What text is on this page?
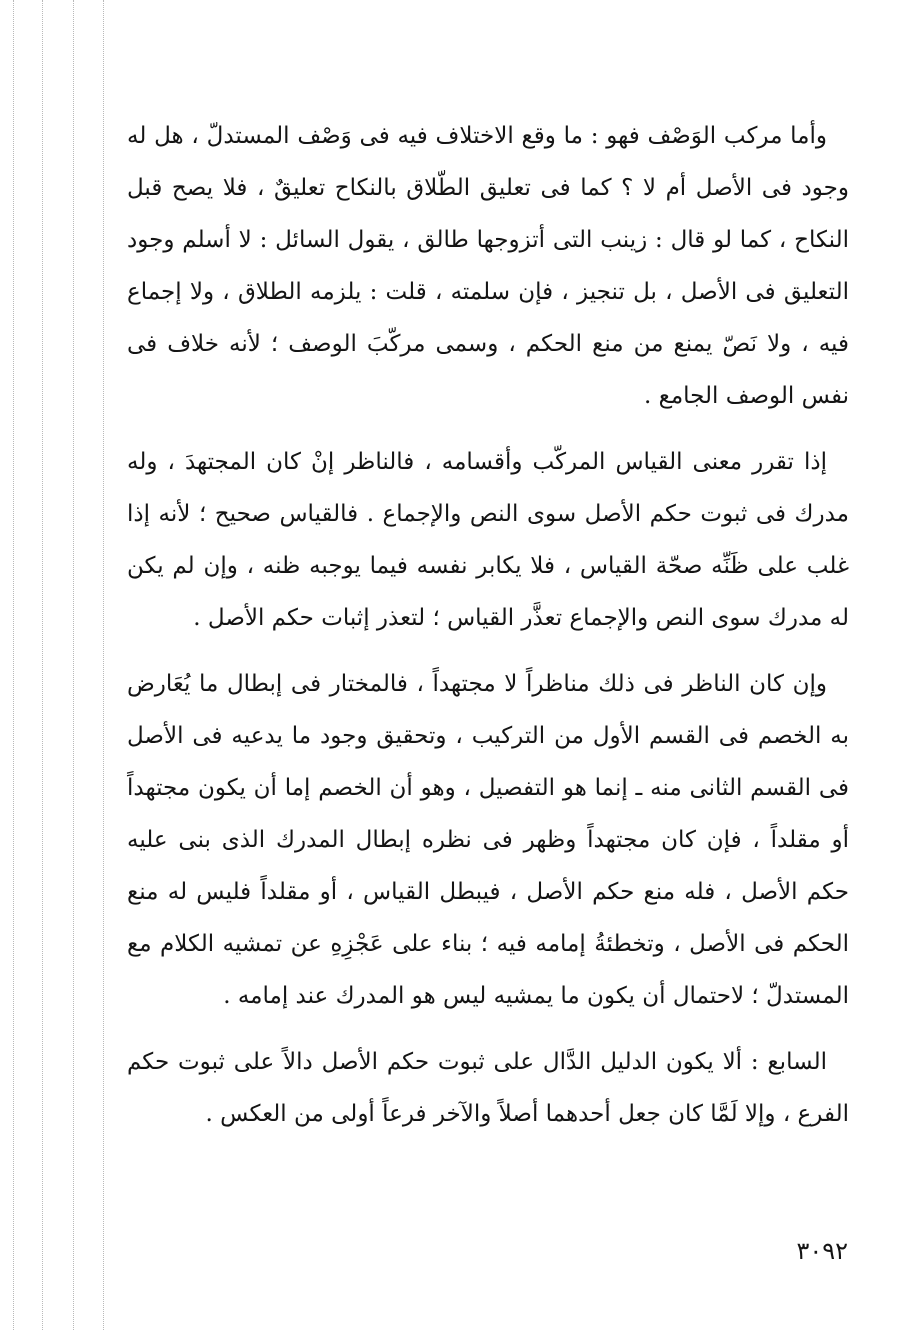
وأما مركب الوَصْف فهو : ما وقع الاختلاف فيه فى وَصْف المستدلّ ، هل له وجود فى الأصل أم لا ؟ كما فى تعليق الطّلاق بالنكاح تعليقٌ ، فلا يصح قبل النكاح ، كما لو قال : زينب التى أتزوجها طالق ، يقول السائل : لا أسلم وجود التعليق فى الأصل ، بل تنجيز ، فإن سلمته ، قلت : يلزمه الطلاق ، ولا إجماع فيه ، ولا نَصّ يمنع من منع الحكم ، وسمى مركّبَ الوصف ؛ لأنه خلاف فى نفس الوصف الجامع .

إذا تقرر معنى القياس المركّب وأقسامه ، فالناظر إنْ كان المجتهدَ ، وله مدرك فى ثبوت حكم الأصل سوى النص والإجماع . فالقياس صحيح ؛ لأنه إذا غلب على ظَنِّه صحّة القياس ، فلا يكابر نفسه فيما يوجبه ظنه ، وإن لم يكن له مدرك سوى النص والإجماع تعذَّر القياس ؛ لتعذر إثبات حكم الأصل .

وإن كان الناظر فى ذلك مناظراً لا مجتهداً ، فالمختار فى إبطال ما يُعَارض به الخصم فى القسم الأول من التركيب ، وتحقيق وجود ما يدعيه فى الأصل فى القسم الثانى منه ـ إنما هو التفصيل ، وهو أن الخصم إما أن يكون مجتهداً أو مقلداً ، فإن كان مجتهداً وظهر فى نظره إبطال المدرك الذى بنى عليه حكم الأصل ، فله منع حكم الأصل ، فيبطل القياس ، أو مقلداً فليس له منع الحكم فى الأصل ، وتخطئةُ إمامه فيه ؛ بناء على عَجْزِهِ عن تمشيه الكلام مع المستدلّ ؛ لاحتمال أن يكون ما يمشيه ليس هو المدرك عند إمامه .

السابع : ألا يكون الدليل الدَّال على ثبوت حكم الأصل دالاً على ثبوت حكم الفرع ، وإلا لَمَّا كان جعل أحدهما أصلاً والآخر فرعاً أولى من العكس .

٣٠٩٢
